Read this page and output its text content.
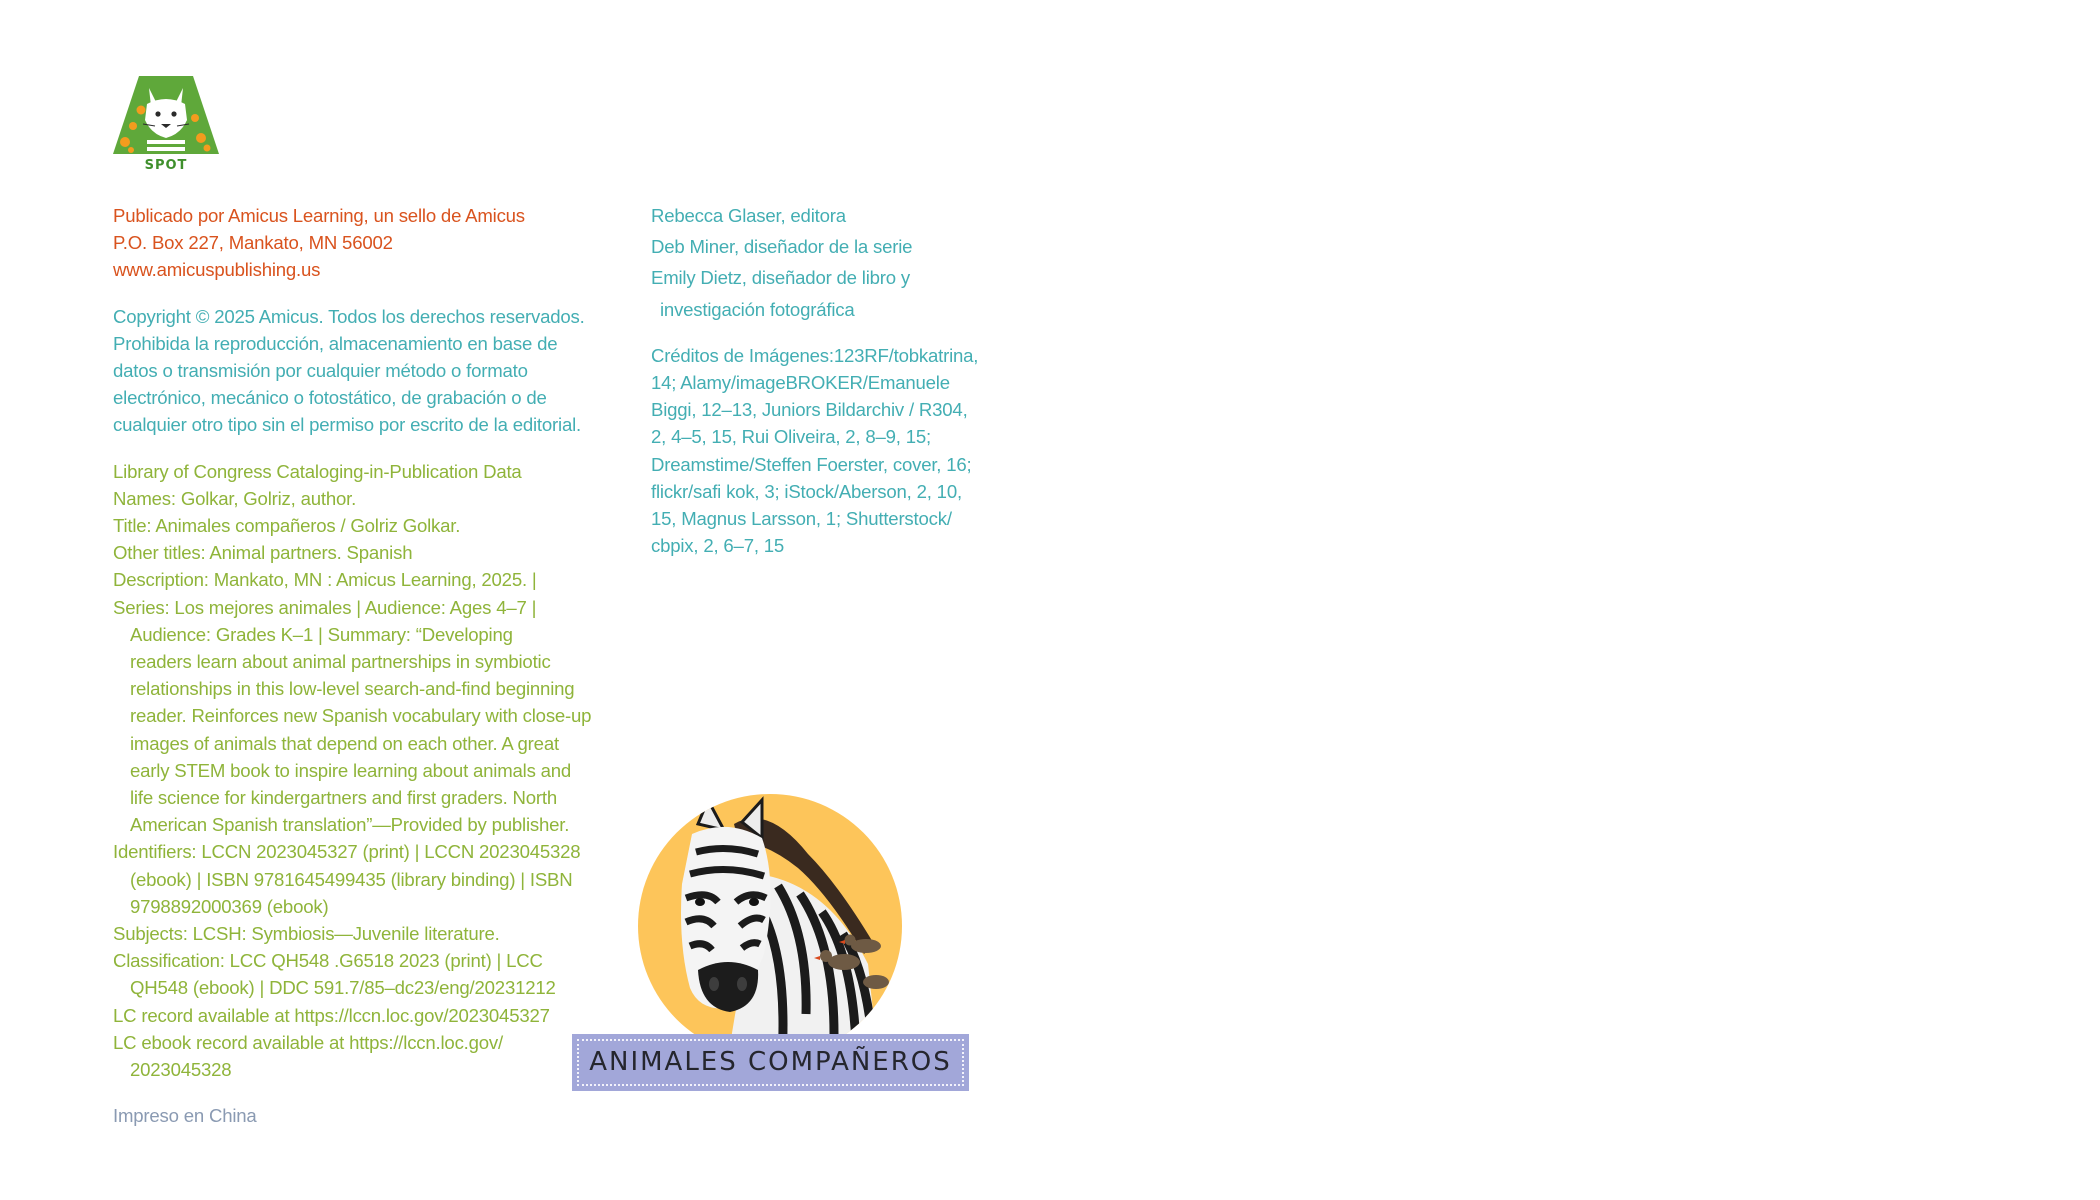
SPOT
Publicado por Amicus Learning, un sello de Amicus
P.O. Box 227, Mankato, MN 56002
www.amicuspublishing.us
Copyright © 2025 Amicus. Todos los derechos reservados.
Prohibida la reproducción, almacenamiento en base de
datos o transmisión por cualquier método o formato
electrónico, mecánico o fotostático, de grabación o de
cualquier otro tipo sin el permiso por escrito de la editorial.
Library of Congress Cataloging-in-Publication Data
Names: Golkar, Golriz, author.
Title: Animales compañeros / Golriz Golkar.
Other titles: Animal partners. Spanish
Description: Mankato, MN : Amicus Learning, 2025. |
Series: Los mejores animales | Audience: Ages 4–7 |
Audience: Grades K–1 | Summary: “Developing
readers learn about animal partnerships in symbiotic
relationships in this low-level search-and-find beginning
reader. Reinforces new Spanish vocabulary with close-up
images of animals that depend on each other. A great
early STEM book to inspire learning about animals and
life science for kindergartners and first graders. North
American Spanish translation”—Provided by publisher.
Identifiers: LCCN 2023045327 (print) | LCCN 2023045328
(ebook) | ISBN 9781645499435 (library binding) | ISBN
9798892000369 (ebook)
Subjects: LCSH: Symbiosis—Juvenile literature.
Classification: LCC QH548 .G6518 2023 (print) | LCC
QH548 (ebook) | DDC 591.7/85–dc23/eng/20231212
LC record available at https://lccn.loc.gov/2023045327
LC ebook record available at https://lccn.loc.gov/
2023045328
Impreso en China
Rebecca Glaser, editora
Deb Miner, diseñador de la serie
Emily Dietz, diseñador de libro y
investigación fotográfica
Créditos de Imágenes:123RF/tobkatrina,
14; Alamy/imageBROKER/Emanuele
Biggi, 12–13, Juniors Bildarchiv / R304,
2, 4–5, 15, Rui Oliveira, 2, 8–9, 15;
Dreamstime/Steffen Foerster, cover, 16;
flickr/safi kok, 3; iStock/Aberson, 2, 10,
15, Magnus Larsson, 1; Shutterstock/
cbpix, 2, 6–7, 15
ANIMALES COMPAÑEROS
